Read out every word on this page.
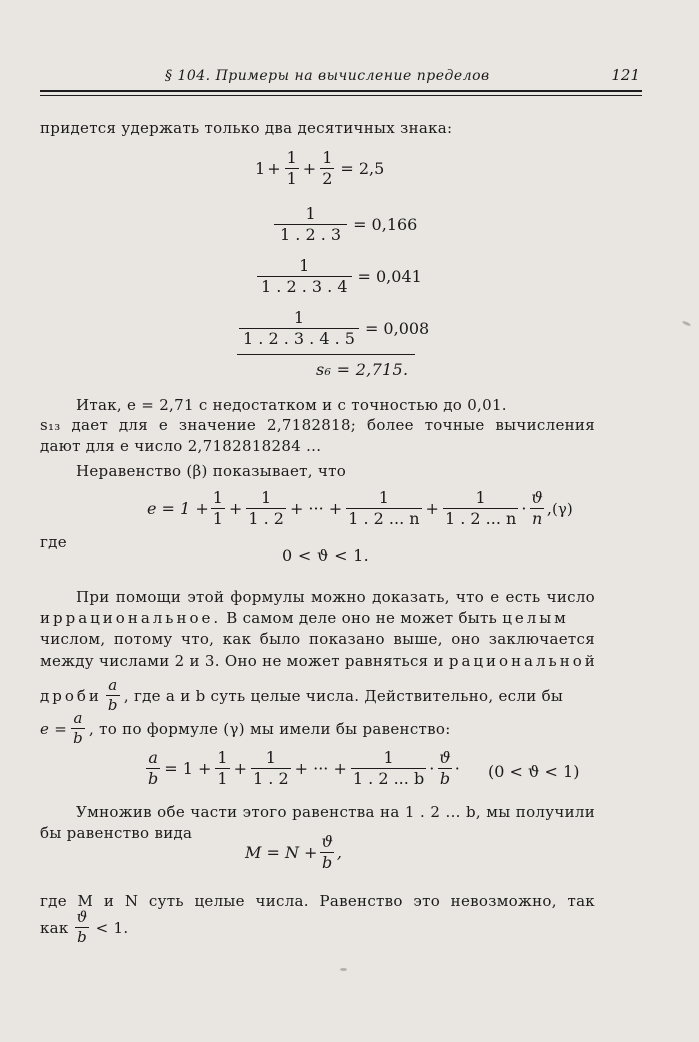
§ 104. Примеры на вычисление пределов	121
придется удержать только два десятичных знака:
$1 + \frac{1}{1} + \frac{1}{2} = 2,5$
$\frac{1}{1 . 2 . 3} = 0,166$
$\frac{1}{1 . 2 . 3 . 4} = 0,041$
$\frac{1}{1 . 2 . 3 . 4 . 5} = 0,008$
s₆ = 2,715.
Итак, e = 2,71 с недостатком и с точностью до 0,01.
s₁₃ дает для e значение 2,7182818; более точные вычисления
дают для e число 2,7182818284 ...
Неравенство (β) показывает, что
$e = 1 + \frac{1}{1} + \frac{1}{1 . 2}$ + ··· + $\frac{1}{1 . 2 ... n} + \frac{1}{1 . 2 ... n} \cdot \frac{ϑ}{n}$ , (γ)
где
0 < ϑ < 1.
При помощи этой формулы можно доказать, что e есть число
иррациональное. В самом деле оно не может быть целым
числом, потому что, как было показано выше, оно заключается
между числами 2 и 3. Оно не может равняться и рациональной
дроби $\frac{a}{b}$ , где a и b суть целые числа. Действительно, если бы
$e = \frac{a}{b}$ , то по формуле (γ) мы имели бы равенство:
$\frac{a}{b} = 1 + \frac{1}{1} + \frac{1}{1 . 2}$ + ··· + $\frac{1}{1 . 2 ... b} \cdot \frac{ϑ}{b} \cdot (0 < ϑ < 1)$
Умножив обе части этого равенства на 1 . 2 ... b, мы получили
бы равенство вида
$M = N + \frac{ϑ}{b}$ ,
где M и N суть целые числа. Равенство это невозможно, так
как $\frac{ϑ}{b} < 1$.
